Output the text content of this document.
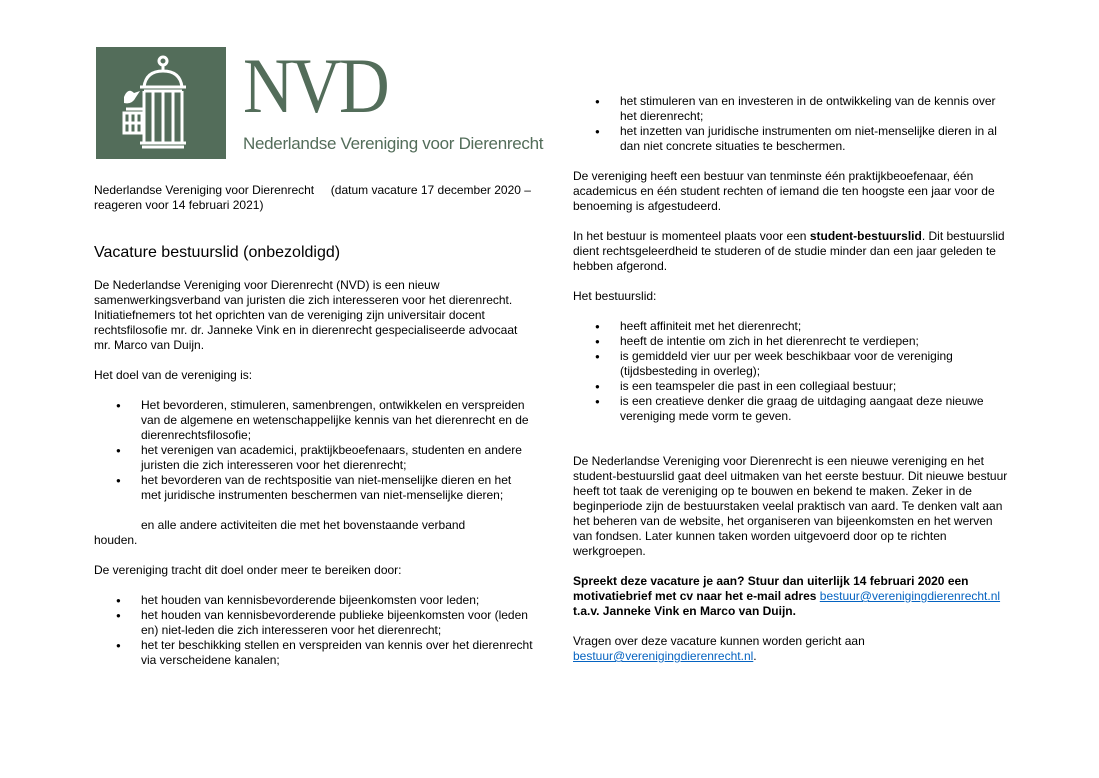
NVD
Nederlandse Vereniging voor Dierenrecht

Nederlandse Vereniging voor Dierenrecht     (datum vacature 17 december 2020 – reageren voor 14 februari 2021)

Vacature bestuurslid (onbezoldigd)

De Nederlandse Vereniging voor Dierenrecht (NVD) is een nieuw samenwerkingsverband van juristen die zich interesseren voor het dierenrecht. Initiatiefnemers tot het oprichten van de vereniging zijn universitair docent rechtsfilosofie mr. dr. Janneke Vink en in dierenrecht gespecialiseerde advocaat mr. Marco van Duijn.

Het doel van de vereniging is:

● Het bevorderen, stimuleren, samenbrengen, ontwikkelen en verspreiden van de algemene en wetenschappelijke kennis van het dierenrecht en de dierenrechtsfilosofie;
● het verenigen van academici, praktijkbeoefenaars, studenten en andere juristen die zich interesseren voor het dierenrecht;
● het bevorderen van de rechtspositie van niet-menselijke dieren en het met juridische instrumenten beschermen van niet-menselijke dieren;

en alle andere activiteiten die met het bovenstaande verband

houden.

De vereniging tracht dit doel onder meer te bereiken door:

● het houden van kennisbevorderende bijeenkomsten voor leden;
● het houden van kennisbevorderende publieke bijeenkomsten voor (leden en) niet-leden die zich interesseren voor het dierenrecht;
● het ter beschikking stellen en verspreiden van kennis over het dierenrecht via verscheidene kanalen;
● het stimuleren van en investeren in de ontwikkeling van de kennis over het dierenrecht;
● het inzetten van juridische instrumenten om niet-menselijke dieren in al dan niet concrete situaties te beschermen.

De vereniging heeft een bestuur van tenminste één praktijkbeoefenaar, één academicus en één student rechten of iemand die ten hoogste een jaar voor de benoeming is afgestudeerd.

In het bestuur is momenteel plaats voor een student-bestuurslid. Dit bestuurslid dient rechtsgeleerdheid te studeren of de studie minder dan een jaar geleden te hebben afgerond.

Het bestuurslid:

● heeft affiniteit met het dierenrecht;
● heeft de intentie om zich in het dierenrecht te verdiepen;
● is gemiddeld vier uur per week beschikbaar voor de vereniging (tijdsbesteding in overleg);
● is een teamspeler die past in een collegiaal bestuur;
● is een creatieve denker die graag de uitdaging aangaat deze nieuwe vereniging mede vorm te geven.

De Nederlandse Vereniging voor Dierenrecht is een nieuwe vereniging en het student-bestuurslid gaat deel uitmaken van het eerste bestuur. Dit nieuwe bestuur heeft tot taak de vereniging op te bouwen en bekend te maken. Zeker in de beginperiode zijn de bestuurstaken veelal praktisch van aard. Te denken valt aan het beheren van de website, het organiseren van bijeenkomsten en het werven van fondsen. Later kunnen taken worden uitgevoerd door op te richten werkgroepen.

Spreekt deze vacature je aan? Stuur dan uiterlijk 14 februari 2020 een motivatiebrief met cv naar het e-mail adres bestuur@verenigingdierenrecht.nl t.a.v. Janneke Vink en Marco van Duijn.

Vragen over deze vacature kunnen worden gericht aan bestuur@verenigingdierenrecht.nl.
